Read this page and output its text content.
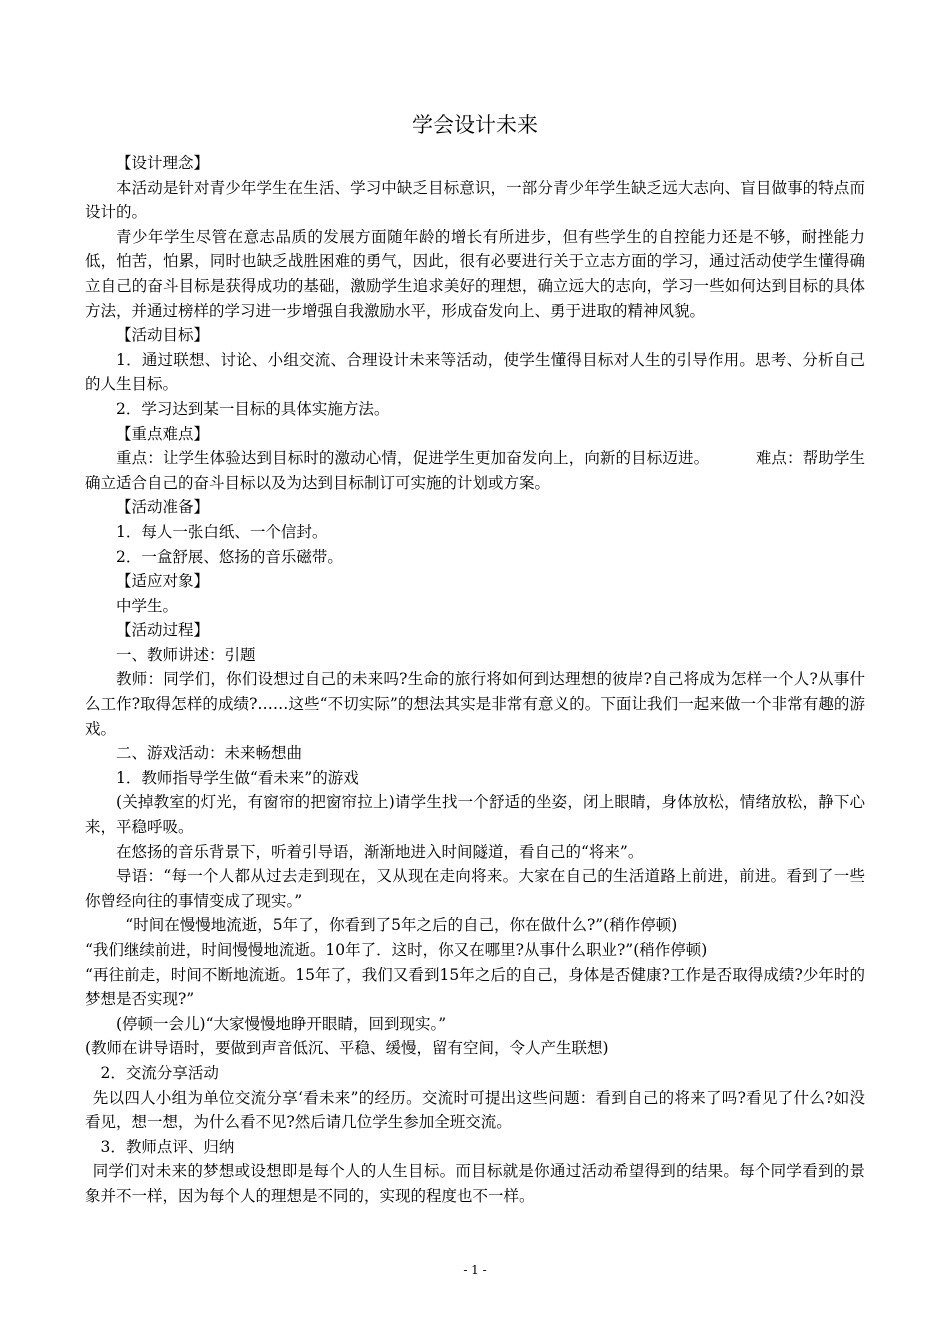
学会设计未来

【设计理念】

本活动是针对青少年学生在生活、学习中缺乏目标意识，一部分青少年学生缺乏远大志向、盲目做事的特点而设计的。

青少年学生尽管在意志品质的发展方面随年龄的增长有所进步，但有些学生的自控能力还是不够，耐挫能力低，怕苦，怕累，同时也缺乏战胜困难的勇气，因此，很有必要进行关于立志方面的学习，通过活动使学生懂得确立自己的奋斗目标是获得成功的基础，激励学生追求美好的理想，确立远大的志向，学习一些如何达到目标的具体方法，并通过榜样的学习进一步增强自我激励水平，形成奋发向上、勇于进取的精神风貌。

【活动目标】

1．通过联想、讨论、小组交流、合理设计未来等活动，使学生懂得目标对人生的引导作用。思考、分析自己的人生目标。

2．学习达到某一目标的具体实施方法。

【重点难点】

重点：让学生体验达到目标时的激动心情，促进学生更加奋发向上，向新的目标迈进。	难点：帮助学生确立适合自己的奋斗目标以及为达到目标制订可实施的计划或方案。

【活动准备】

1．每人一张白纸、一个信封。

2．一盒舒展、悠扬的音乐磁带。

【适应对象】

中学生。

【活动过程】

一、教师讲述：引题

教师：同学们，你们设想过自己的未来吗?生命的旅行将如何到达理想的彼岸?自己将成为怎样一个人?从事什么工作?取得怎样的成绩?……这些“不切实际”的想法其实是非常有意义的。下面让我们一起来做一个非常有趣的游戏。

二、游戏活动：未来畅想曲

1．教师指导学生做“看未来”的游戏

(关掉教室的灯光，有窗帘的把窗帘拉上)请学生找一个舒适的坐姿，闭上眼睛，身体放松，情绪放松，静下心来，平稳呼吸。

在悠扬的音乐背景下，听着引导语，渐渐地进入时间隧道，看自己的“将来”。

导语：“每一个人都从过去走到现在，又从现在走向将来。大家在自己的生活道路上前进，前进。看到了一些你曾经向往的事情变成了现实。”

“时间在慢慢地流逝，5年了，你看到了5年之后的自己，你在做什么?”(稍作停顿)

“我们继续前进，时间慢慢地流逝。10年了．这时，你又在哪里?从事什么职业?”(稍作停顿)

“再往前走，时间不断地流逝。15年了，我们又看到15年之后的自己，身体是否健康?工作是否取得成绩?少年时的梦想是否实现?”

(停顿一会儿)“大家慢慢地睁开眼睛，回到现实。”

(教师在讲导语时，要做到声音低沉、平稳、缓慢，留有空间，令人产生联想)

2．交流分享活动

先以四人小组为单位交流分享‘看未来”的经历。交流时可提出这些问题：看到自己的将来了吗?看见了什么?如没看见，想一想，为什么看不见?然后请几位学生参加全班交流。

3．教师点评、归纳

同学们对未来的梦想或设想即是每个人的人生目标。而目标就是你通过活动希望得到的结果。每个同学看到的景象并不一样，因为每个人的理想是不同的，实现的程度也不一样。

- 1 -
